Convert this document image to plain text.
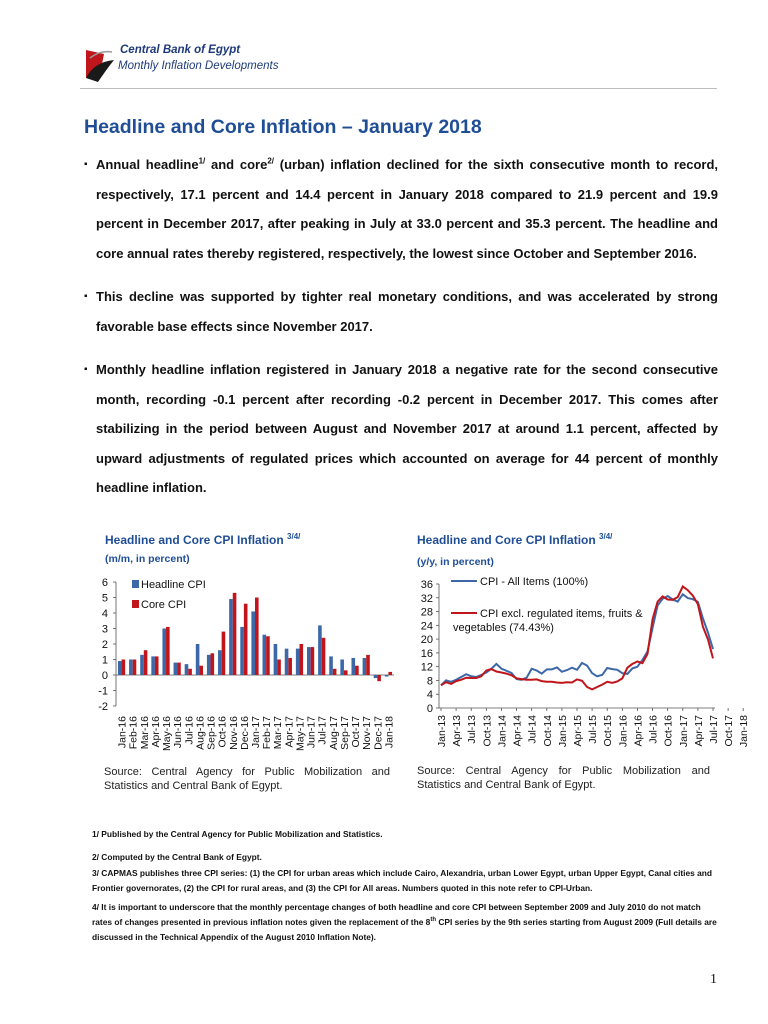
Central Bank of Egypt
Monthly Inflation Developments
Headline and Core Inflation – January 2018

▪ Annual headline$^{1/}$ and core$^{2/}$ (urban) inflation declined for the sixth consecutive month to record, respectively, 17.1 percent and 14.4 percent in January 2018 compared to 21.9 percent and 19.9 percent in December 2017, after peaking in July at 33.0 percent and 35.3 percent. The headline and core annual rates thereby registered, respectively, the lowest since October and September 2016.

▪ This decline was supported by tighter real monetary conditions, and was accelerated by strong favorable base effects since November 2017.

▪ Monthly headline inflation registered in January 2018 a negative rate for the second consecutive month, recording -0.1 percent after recording -0.2 percent in December 2017. This comes after stabilizing in the period between August and November 2017 at around 1.1 percent, affected by upward adjustments of regulated prices which accounted on average for 44 percent of monthly headline inflation.

Headline and Core CPI Inflation $^{3/4/}$
(m/m, in percent)
-2
-1
0
1
2
3
4
5
6
Jan-16 Feb-16 Mar-16 Apr-16 May-16 Jun-16 Jul-16 Aug-16 Sep-16 Oct-16 Nov-16 Dec-16 Jan-17 Feb-17 Mar-17 Apr-17 May-17 Jun-17 Jul-17 Aug-17 Sep-17 Oct-17 Nov-17 Dec-17 Jan-18
Headline CPI
Core CPI
Source: Central Agency for Public Mobilization and Statistics and Central Bank of Egypt.
Headline and Core CPI Inflation $^{3/4/}$
(y/y, in percent)
0
4
8
12
16
20
24
28
32
36
Jan-13 Apr-13 Jul-13 Oct-13 Jan-14 Apr-14 Jul-14 Oct-14 Jan-15 Apr-15 Jul-15 Oct-15 Jan-16 Apr-16 Jul-16 Oct-16 Jan-17 Apr-17 Jul-17 Oct-17 Jan-18
CPI - All Items (100%)
CPI excl. regulated items, fruits &
vegetables (74.43%)
Source: Central Agency for Public Mobilization and Statistics and Central Bank of Egypt.
1/ Published by the Central Agency for Public Mobilization and Statistics.
2/ Computed by the Central Bank of Egypt.
3/ CAPMAS publishes three CPI series: (1) the CPI for urban areas which include Cairo, Alexandria, urban Lower Egypt, urban Upper Egypt, Canal cities and Frontier governorates, (2) the CPI for rural areas, and (3) the CPI for All areas. Numbers quoted in this note refer to CPI-Urban.
4/ It is important to underscore that the monthly percentage changes of both headline and core CPI between September 2009 and July 2010 do not match rates of changes presented in previous inflation notes given the replacement of the 8th CPI series by the 9th series starting from August 2009 (Full details are discussed in the Technical Appendix of the August 2010 Inflation Note).
1
